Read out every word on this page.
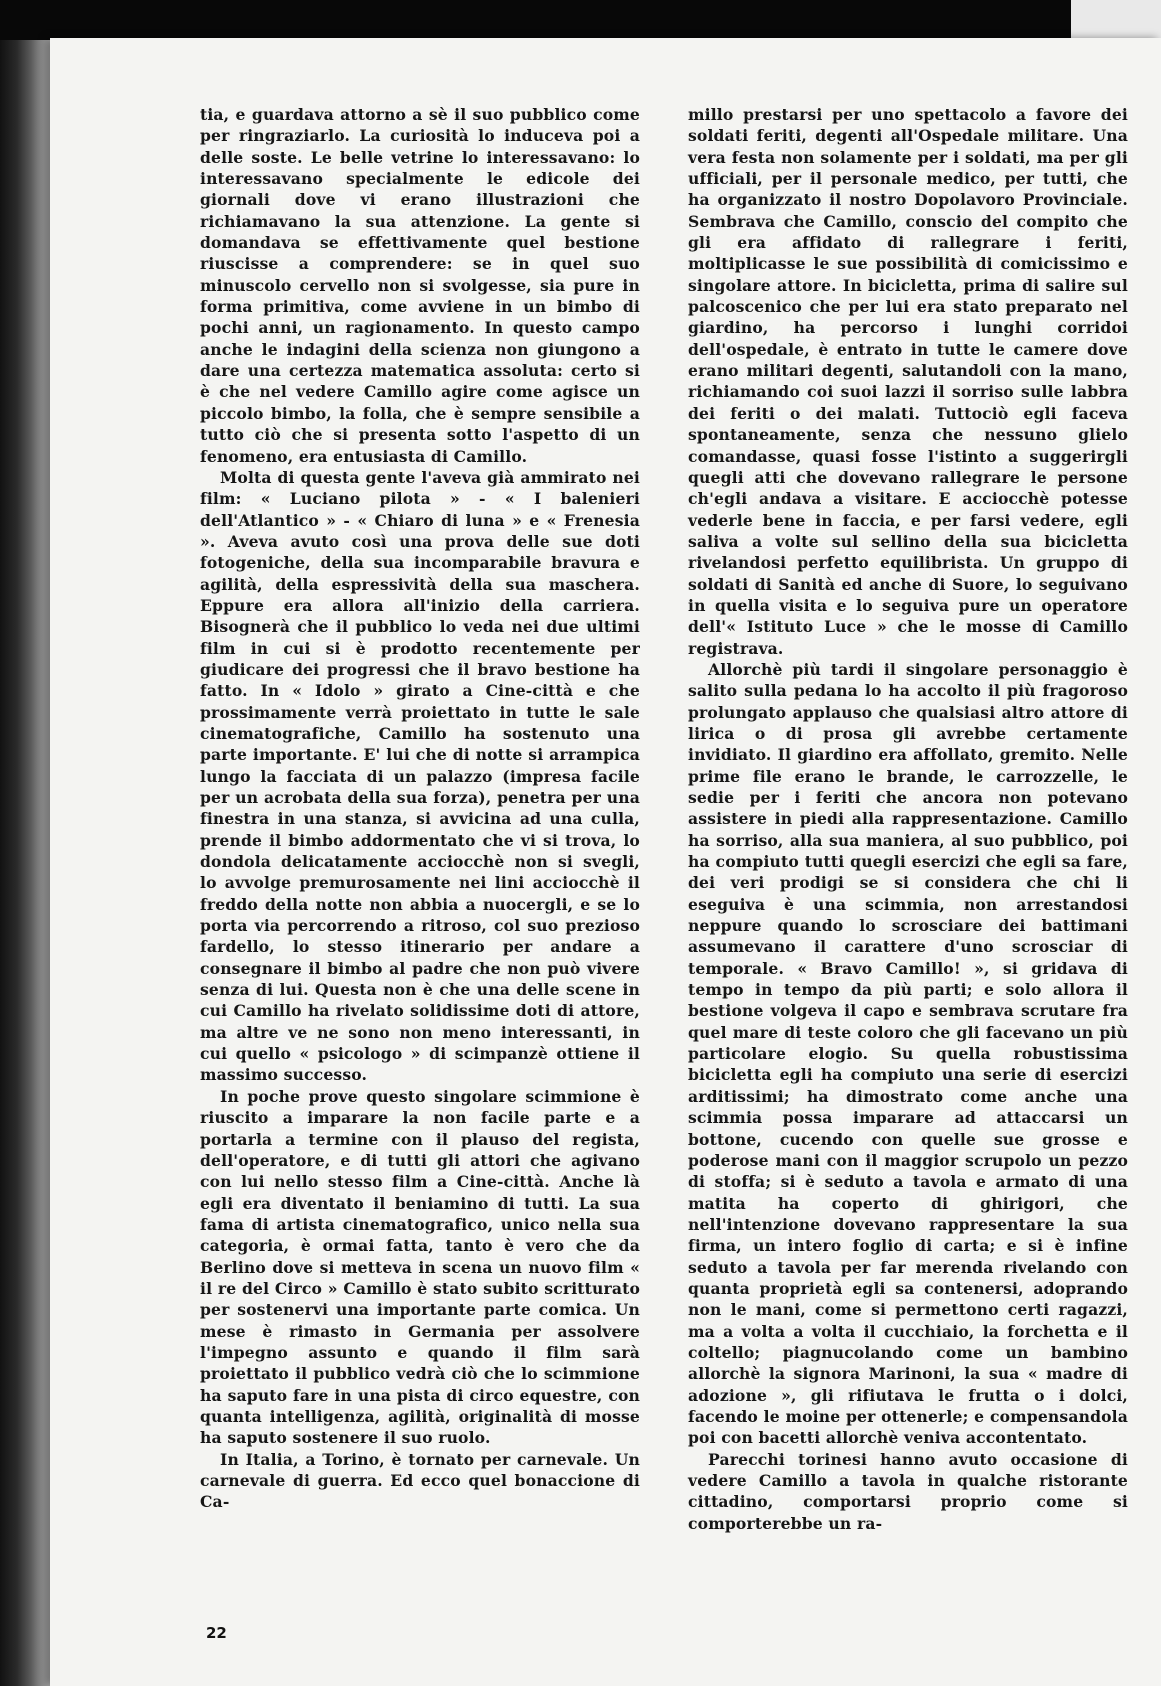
tia, e guardava attorno a sè il suo pubblico come per ringraziarlo. La curiosità lo induceva poi a delle soste. Le belle vetrine lo interessavano: lo interessavano specialmente le edicole dei giornali dove vi erano illustrazioni che richiamavano la sua attenzione. La gente si domandava se effettivamente quel bestione riuscisse a comprendere: se in quel suo minuscolo cervello non si svolgesse, sia pure in forma primitiva, come avviene in un bimbo di pochi anni, un ragionamento. In questo campo anche le indagini della scienza non giungono a dare una certezza matematica assoluta: certo si è che nel vedere Camillo agire come agisce un piccolo bimbo, la folla, che è sempre sensibile a tutto ciò che si presenta sotto l'aspetto di un fenomeno, era entusiasta di Camillo.

Molta di questa gente l'aveva già ammirato nei film: « Luciano pilota » - « I balenieri dell'Atlantico » - « Chiaro di luna » e « Frenesia ». Aveva avuto così una prova delle sue doti fotogeniche, della sua incomparabile bravura e agilità, della espressività della sua maschera. Eppure era allora all'inizio della carriera. Bisognerà che il pubblico lo veda nei due ultimi film in cui si è prodotto recentemente per giudicare dei progressi che il bravo bestione ha fatto. In « Idolo » girato a Cine-città e che prossimamente verrà proiettato in tutte le sale cinematografiche, Camillo ha sostenuto una parte importante. E' lui che di notte si arrampica lungo la facciata di un palazzo (impresa facile per un acrobata della sua forza), penetra per una finestra in una stanza, si avvicina ad una culla, prende il bimbo addormentato che vi si trova, lo dondola delicatamente acciocchè non si svegli, lo avvolge premurosamente nei lini acciocchè il freddo della notte non abbia a nuocergli, e se lo porta via percorrendo a ritroso, col suo prezioso fardello, lo stesso itinerario per andare a consegnare il bimbo al padre che non può vivere senza di lui. Questa non è che una delle scene in cui Camillo ha rivelato solidissime doti di attore, ma altre ve ne sono non meno interessanti, in cui quello « psicologo » di scimpanzè ottiene il massimo successo.

In poche prove questo singolare scimmione è riuscito a imparare la non facile parte e a portarla a termine con il plauso del regista, dell'operatore, e di tutti gli attori che agivano con lui nello stesso film a Cine-città. Anche là egli era diventato il beniamino di tutti. La sua fama di artista cinematografico, unico nella sua categoria, è ormai fatta, tanto è vero che da Berlino dove si metteva in scena un nuovo film « il re del Circo » Camillo è stato subito scritturato per sostenervi una importante parte comica. Un mese è rimasto in Germania per assolvere l'impegno assunto e quando il film sarà proiettato il pubblico vedrà ciò che lo scimmione ha saputo fare in una pista di circo equestre, con quanta intelligenza, agilità, originalità di mosse ha saputo sostenere il suo ruolo.

In Italia, a Torino, è tornato per carnevale. Un carnevale di guerra. Ed ecco quel bonaccione di Ca-

millo prestarsi per uno spettacolo a favore dei soldati feriti, degenti all'Ospedale militare. Una vera festa non solamente per i soldati, ma per gli ufficiali, per il personale medico, per tutti, che ha organizzato il nostro Dopolavoro Provinciale. Sembrava che Camillo, conscio del compito che gli era affidato di rallegrare i feriti, moltiplicasse le sue possibilità di comicissimo e singolare attore. In bicicletta, prima di salire sul palcoscenico che per lui era stato preparato nel giardino, ha percorso i lunghi corridoi dell'ospedale, è entrato in tutte le camere dove erano militari degenti, salutandoli con la mano, richiamando coi suoi lazzi il sorriso sulle labbra dei feriti o dei malati. Tuttociò egli faceva spontaneamente, senza che nessuno glielo comandasse, quasi fosse l'istinto a suggerirgli quegli atti che dovevano rallegrare le persone ch'egli andava a visitare. E acciocchè potesse vederle bene in faccia, e per farsi vedere, egli saliva a volte sul sellino della sua bicicletta rivelandosi perfetto equilibrista. Un gruppo di soldati di Sanità ed anche di Suore, lo seguivano in quella visita e lo seguiva pure un operatore dell'« Istituto Luce » che le mosse di Camillo registrava.

Allorchè più tardi il singolare personaggio è salito sulla pedana lo ha accolto il più fragoroso prolungato applauso che qualsiasi altro attore di lirica o di prosa gli avrebbe certamente invidiato. Il giardino era affollato, gremito. Nelle prime file erano le brande, le carrozzelle, le sedie per i feriti che ancora non potevano assistere in piedi alla rappresentazione. Camillo ha sorriso, alla sua maniera, al suo pubblico, poi ha compiuto tutti quegli esercizi che egli sa fare, dei veri prodigi se si considera che chi li eseguiva è una scimmia, non arrestandosi neppure quando lo scrosciare dei battimani assumevano il carattere d'uno scrosciar di temporale. « Bravo Camillo! », si gridava di tempo in tempo da più parti; e solo allora il bestione volgeva il capo e sembrava scrutare fra quel mare di teste coloro che gli facevano un più particolare elogio. Su quella robustissima bicicletta egli ha compiuto una serie di esercizi arditissimi; ha dimostrato come anche una scimmia possa imparare ad attaccarsi un bottone, cucendo con quelle sue grosse e poderose mani con il maggior scrupolo un pezzo di stoffa; si è seduto a tavola e armato di una matita ha coperto di ghirigori, che nell'intenzione dovevano rappresentare la sua firma, un intero foglio di carta; e si è infine seduto a tavola per far merenda rivelando con quanta proprietà egli sa contenersi, adoprando non le mani, come si permettono certi ragazzi, ma a volta a volta il cucchiaio, la forchetta e il coltello; piagnucolando come un bambino allorchè la signora Marinoni, la sua « madre di adozione », gli rifiutava le frutta o i dolci, facendo le moine per ottenerle; e compensandola poi con bacetti allorchè veniva accontentato.

Parecchi torinesi hanno avuto occasione di vedere Camillo a tavola in qualche ristorante cittadino, comportarsi proprio come si comporterebbe un ra-

22
